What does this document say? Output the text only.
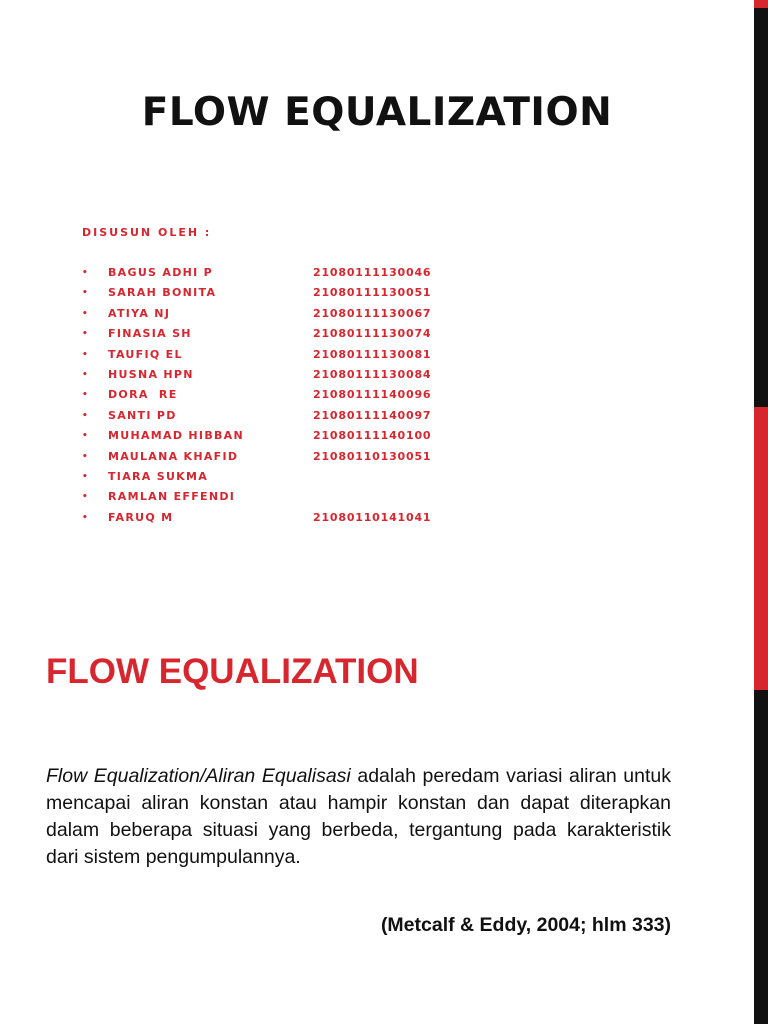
FLOW EQUALIZATION

DISUSUN OLEH :

• BAGUS ADHI P	21080111130046
• SARAH BONITA	21080111130051
• ATIYA NJ	21080111130067
• FINASIA SH	21080111130074
• TAUFIQ EL	21080111130081
• HUSNA HPN	21080111130084
• DORA  RE	21080111140096
• SANTI PD	21080111140097
• MUHAMAD HIBBAN	21080111140100
• MAULANA KHAFID	21080110130051
• TIARA SUKMA
• RAMLAN EFFENDI
• FARUQ M	21080110141041
FLOW EQUALIZATION

Flow Equalization/Aliran Equalisasi adalah peredam variasi aliran untuk mencapai aliran konstan atau hampir konstan dan dapat diterapkan dalam beberapa situasi yang berbeda, tergantung pada karakteristik dari sistem pengumpulannya.

(Metcalf & Eddy, 2004; hlm 333)
